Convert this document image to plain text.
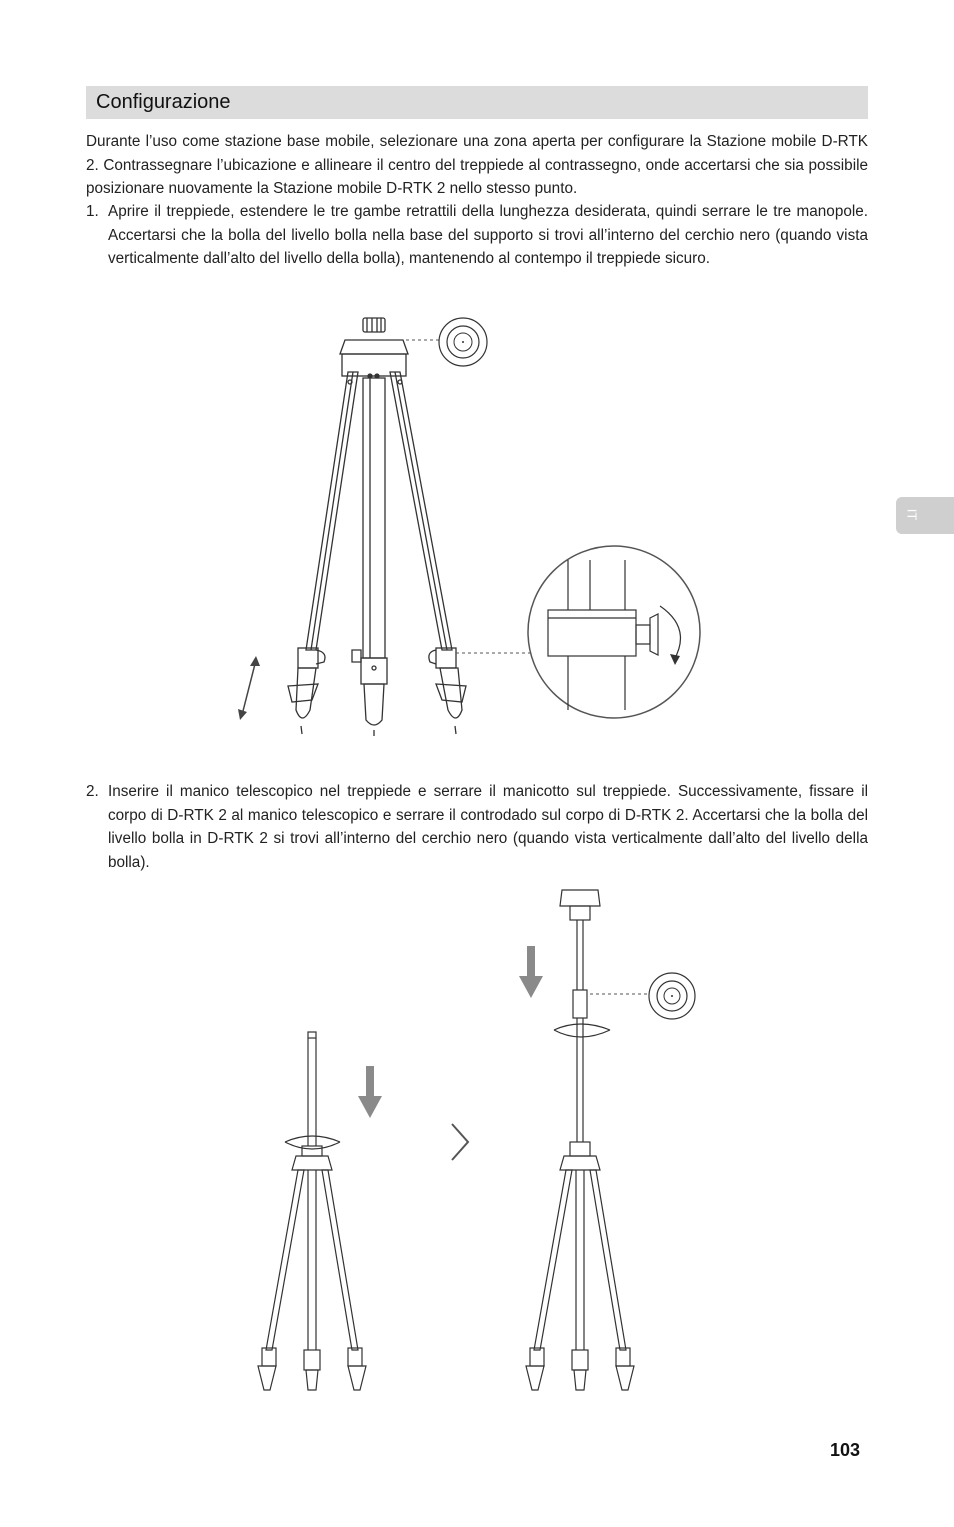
Configurazione
Durante l’uso come stazione base mobile, selezionare una zona aperta per configurare la Stazione mobile D-RTK 2. Contrassegnare l’ubicazione e allineare il centro del treppiede al contrassegno, onde accertarsi che sia possibile posizionare nuovamente la Stazione mobile D-RTK 2 nello stesso punto.
1. Aprire il treppiede, estendere le tre gambe retrattili della lunghezza desiderata, quindi serrare le tre manopole. Accertarsi che la bolla del livello bolla nella base del supporto si trovi all’interno del cerchio nero (quando vista verticalmente dall’alto del livello della bolla), mantenendo al contempo il treppiede sicuro.
2. Inserire il manico telescopico nel treppiede e serrare il manicotto sul treppiede. Successivamente, fissare il corpo di D-RTK 2 al manico telescopico e serrare il controdado sul corpo di D-RTK 2. Accertarsi che la bolla del livello bolla in D-RTK 2 si trovi all’interno del cerchio nero (quando vista verticalmente dall’alto del livello della bolla).
IT
103
